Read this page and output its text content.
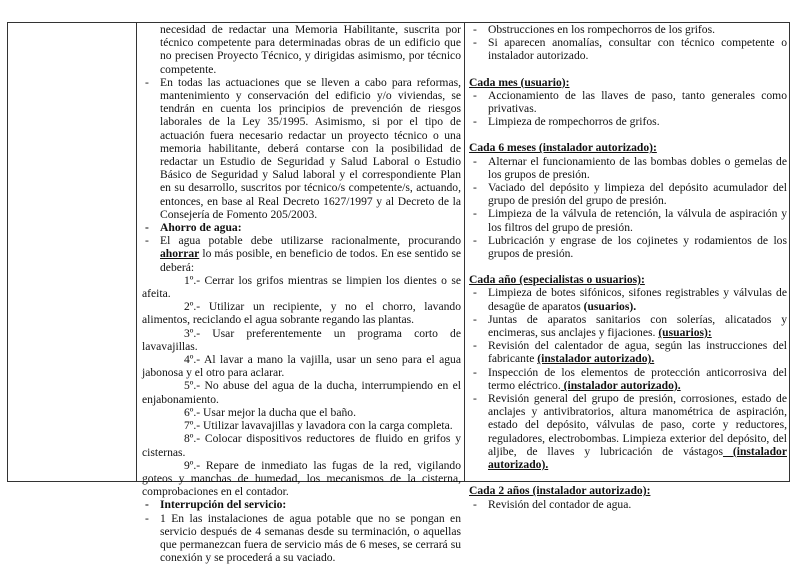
necesidad de redactar una Memoria Habilitante, suscrita por técnico competente para determinadas obras de un edificio que no precisen Proyecto Técnico, y dirigidas asimismo, por técnico competente.

- En todas las actuaciones que se lleven a cabo para reformas, mantenimiento y conservación del edificio y/o viviendas, se tendrán en cuenta los principios de prevención de riesgos laborales de la Ley 35/1995. Asimismo, si por el tipo de actuación fuera necesario redactar un proyecto técnico o una memoria habilitante, deberá contarse con la posibilidad de redactar un Estudio de Seguridad y Salud Laboral o Estudio Básico de Seguridad y Salud laboral y el correspondiente Plan en su desarrollo, suscritos por técnico/s competente/s, actuando, entonces, en base al Real Decreto 1627/1997 y al Decreto de la Consejería de Fomento 205/2003.
- Ahorro de agua:
- El agua potable debe utilizarse racionalmente, procurando ahorrar lo más posible, en beneficio de todos. En ese sentido se deberá:

1º.- Cerrar los grifos mientras se limpien los dientes o se afeita.

2º.- Utilizar un recipiente, y no el chorro, lavando alimentos, reciclando el agua sobrante regando las plantas.

3º.- Usar preferentemente un programa corto de lavavajillas.

4º.- Al lavar a mano la vajilla, usar un seno para el agua jabonosa y el otro para aclarar.

5º.- No abuse del agua de la ducha, interrumpiendo en el enjabonamiento.

6º.- Usar mejor la ducha que el baño.

7º.- Utilizar lavavajillas y lavadora con la carga completa.

8º.- Colocar dispositivos reductores de fluido en grifos y cisternas.

9º.- Repare de inmediato las fugas de la red, vigilando goteos y manchas de humedad, los mecanismos de la cisterna, comprobaciones en el contador.

- Interrupción del servicio:
- 1 En las instalaciones de agua potable que no se pongan en servicio después de 4 semanas desde su terminación, o aquellas que permanezcan fuera de servicio más de 6 meses, se cerrará su conexión y se procederá a su vaciado.
- Obstrucciones en los rompechorros de los grifos.
- Si aparecen anomalías, consultar con técnico competente o instalador autorizado.
Cada mes (usuario):
- Accionamiento de las llaves de paso, tanto generales como privativas.
- Limpieza de rompechorros de grifos.
Cada 6 meses (instalador autorizado):
- Alternar el funcionamiento de las bombas dobles o gemelas de los grupos de presión.
- Vaciado del depósito y limpieza del depósito acumulador del grupo de presión del grupo de presión.
- Limpieza de la válvula de retención, la válvula de aspiración y los filtros del grupo de presión.
- Lubricación y engrase de los cojinetes y rodamientos de los grupos de presión.
Cada año (especialistas o usuarios):
- Limpieza de botes sifónicos, sifones registrables y válvulas de desagüe de aparatos (usuarios).
- Juntas de aparatos sanitarios con solerías, alicatados y encimeras, sus anclajes y fijaciones. (usuarios):
- Revisión del calentador de agua, según las instrucciones del fabricante (instalador autorizado).
- Inspección de los elementos de protección anticorrosiva del termo eléctrico. (instalador autorizado).
- Revisión general del grupo de presión, corrosiones, estado de anclajes y antivibratorios, altura manométrica de aspiración, estado del depósito, válvulas de paso, corte y reductores, reguladores, electrobombas. Limpieza exterior del depósito, del aljibe, de llaves y lubricación de vástagos (instalador autorizado).
Cada 2 años (instalador autorizado):
- Revisión del contador de agua.
